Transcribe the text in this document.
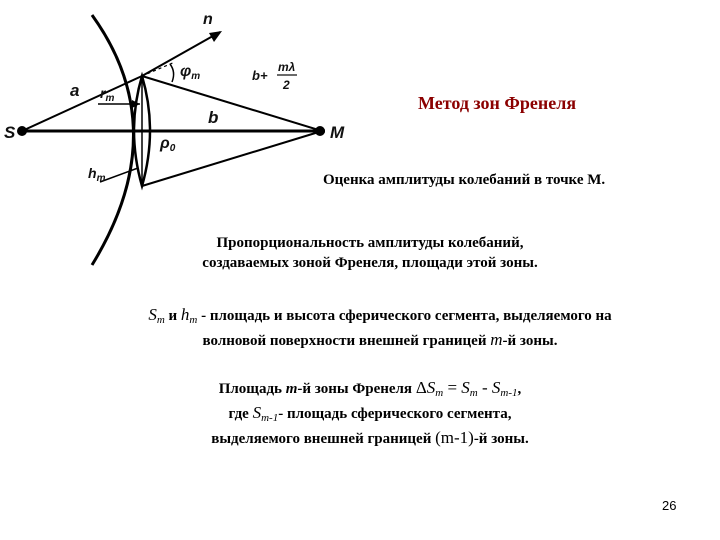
S	M
n
a
b
$r_m$
$h_m$
ρ0
φm	b+
mλ
2
Метод зон Френеля
Оценка амплитуды колебаний в точке М.
Пропорциональность амплитуды колебаний,
создаваемых зоной Френеля, площади этой зоны.
$S_m$ и $h_m$ - площадь и высота сферического сегмента, выделяемого на
волновой поверхности внешней границей m-й зоны.
Площадь m-й зоны Френеля $\Delta S_m = S_m - S_{m-1}$,
где $S_{m-1}-$ площадь сферического сегмента,
выделяемого внешней границей (m-1)-й зоны.
26
